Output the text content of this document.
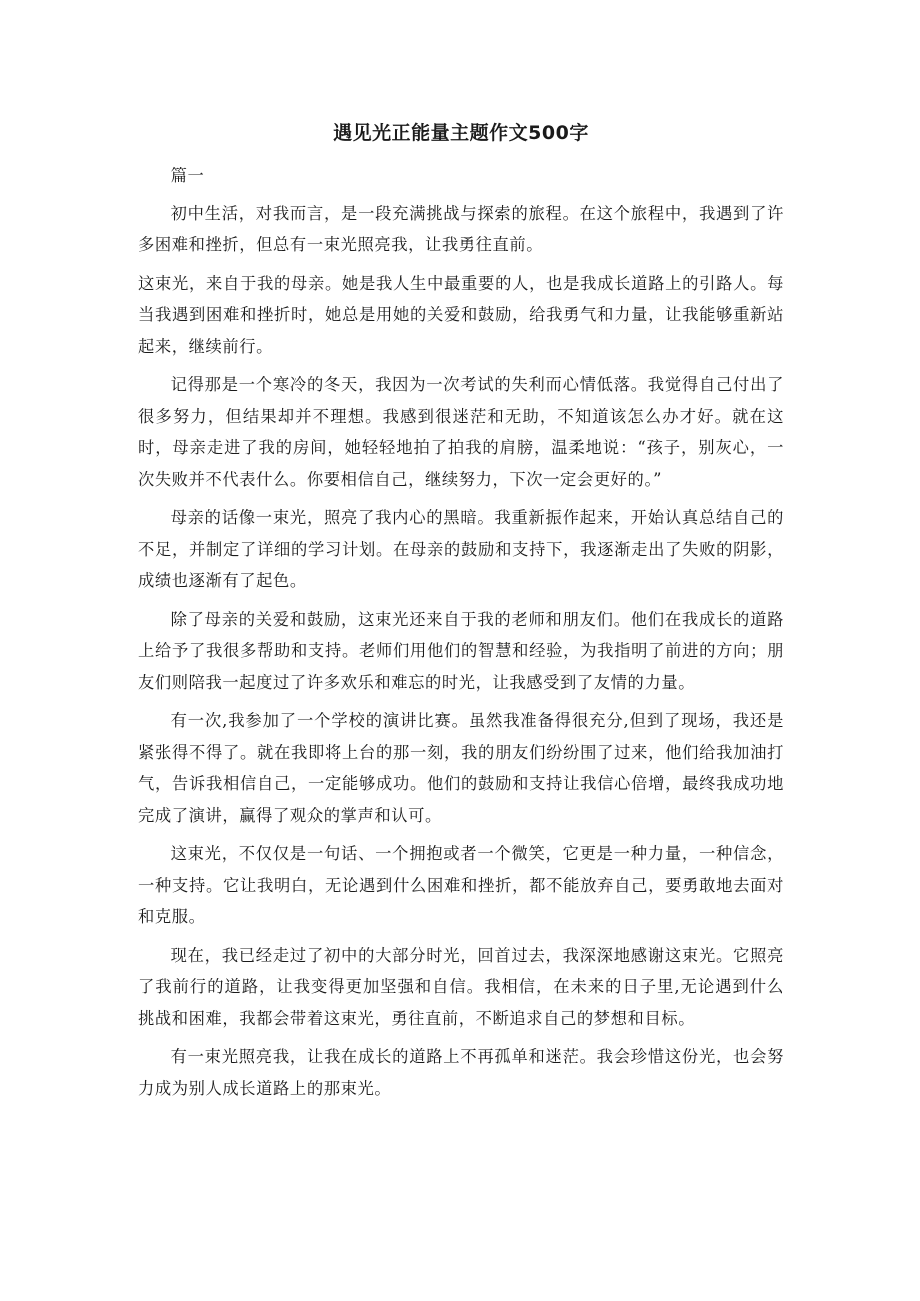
遇见光正能量主题作文500字

篇一

初中生活，对我而言，是一段充满挑战与探索的旅程。在这个旅程中，我遇到了许多困难和挫折，但总有一束光照亮我，让我勇往直前。

这束光，来自于我的母亲。她是我人生中最重要的人，也是我成长道路上的引路人。每当我遇到困难和挫折时，她总是用她的关爱和鼓励，给我勇气和力量，让我能够重新站起来，继续前行。

记得那是一个寒冷的冬天，我因为一次考试的失利而心情低落。我觉得自己付出了很多努力，但结果却并不理想。我感到很迷茫和无助，不知道该怎么办才好。就在这时，母亲走进了我的房间，她轻轻地拍了拍我的肩膀，温柔地说：“孩子，别灰心，一次失败并不代表什么。你要相信自己，继续努力，下次一定会更好的。”

母亲的话像一束光，照亮了我内心的黑暗。我重新振作起来，开始认真总结自己的不足，并制定了详细的学习计划。在母亲的鼓励和支持下，我逐渐走出了失败的阴影，成绩也逐渐有了起色。

除了母亲的关爱和鼓励，这束光还来自于我的老师和朋友们。他们在我成长的道路上给予了我很多帮助和支持。老师们用他们的智慧和经验，为我指明了前进的方向；朋友们则陪我一起度过了许多欢乐和难忘的时光，让我感受到了友情的力量。

有一次,我参加了一个学校的演讲比赛。虽然我准备得很充分,但到了现场，我还是紧张得不得了。就在我即将上台的那一刻，我的朋友们纷纷围了过来，他们给我加油打气，告诉我相信自己，一定能够成功。他们的鼓励和支持让我信心倍增，最终我成功地完成了演讲，赢得了观众的掌声和认可。

这束光，不仅仅是一句话、一个拥抱或者一个微笑，它更是一种力量，一种信念，一种支持。它让我明白，无论遇到什么困难和挫折，都不能放弃自己，要勇敢地去面对和克服。

现在，我已经走过了初中的大部分时光，回首过去，我深深地感谢这束光。它照亮了我前行的道路，让我变得更加坚强和自信。我相信，在未来的日子里,无论遇到什么挑战和困难，我都会带着这束光，勇往直前，不断追求自己的梦想和目标。

有一束光照亮我，让我在成长的道路上不再孤单和迷茫。我会珍惜这份光，也会努力成为别人成长道路上的那束光。
